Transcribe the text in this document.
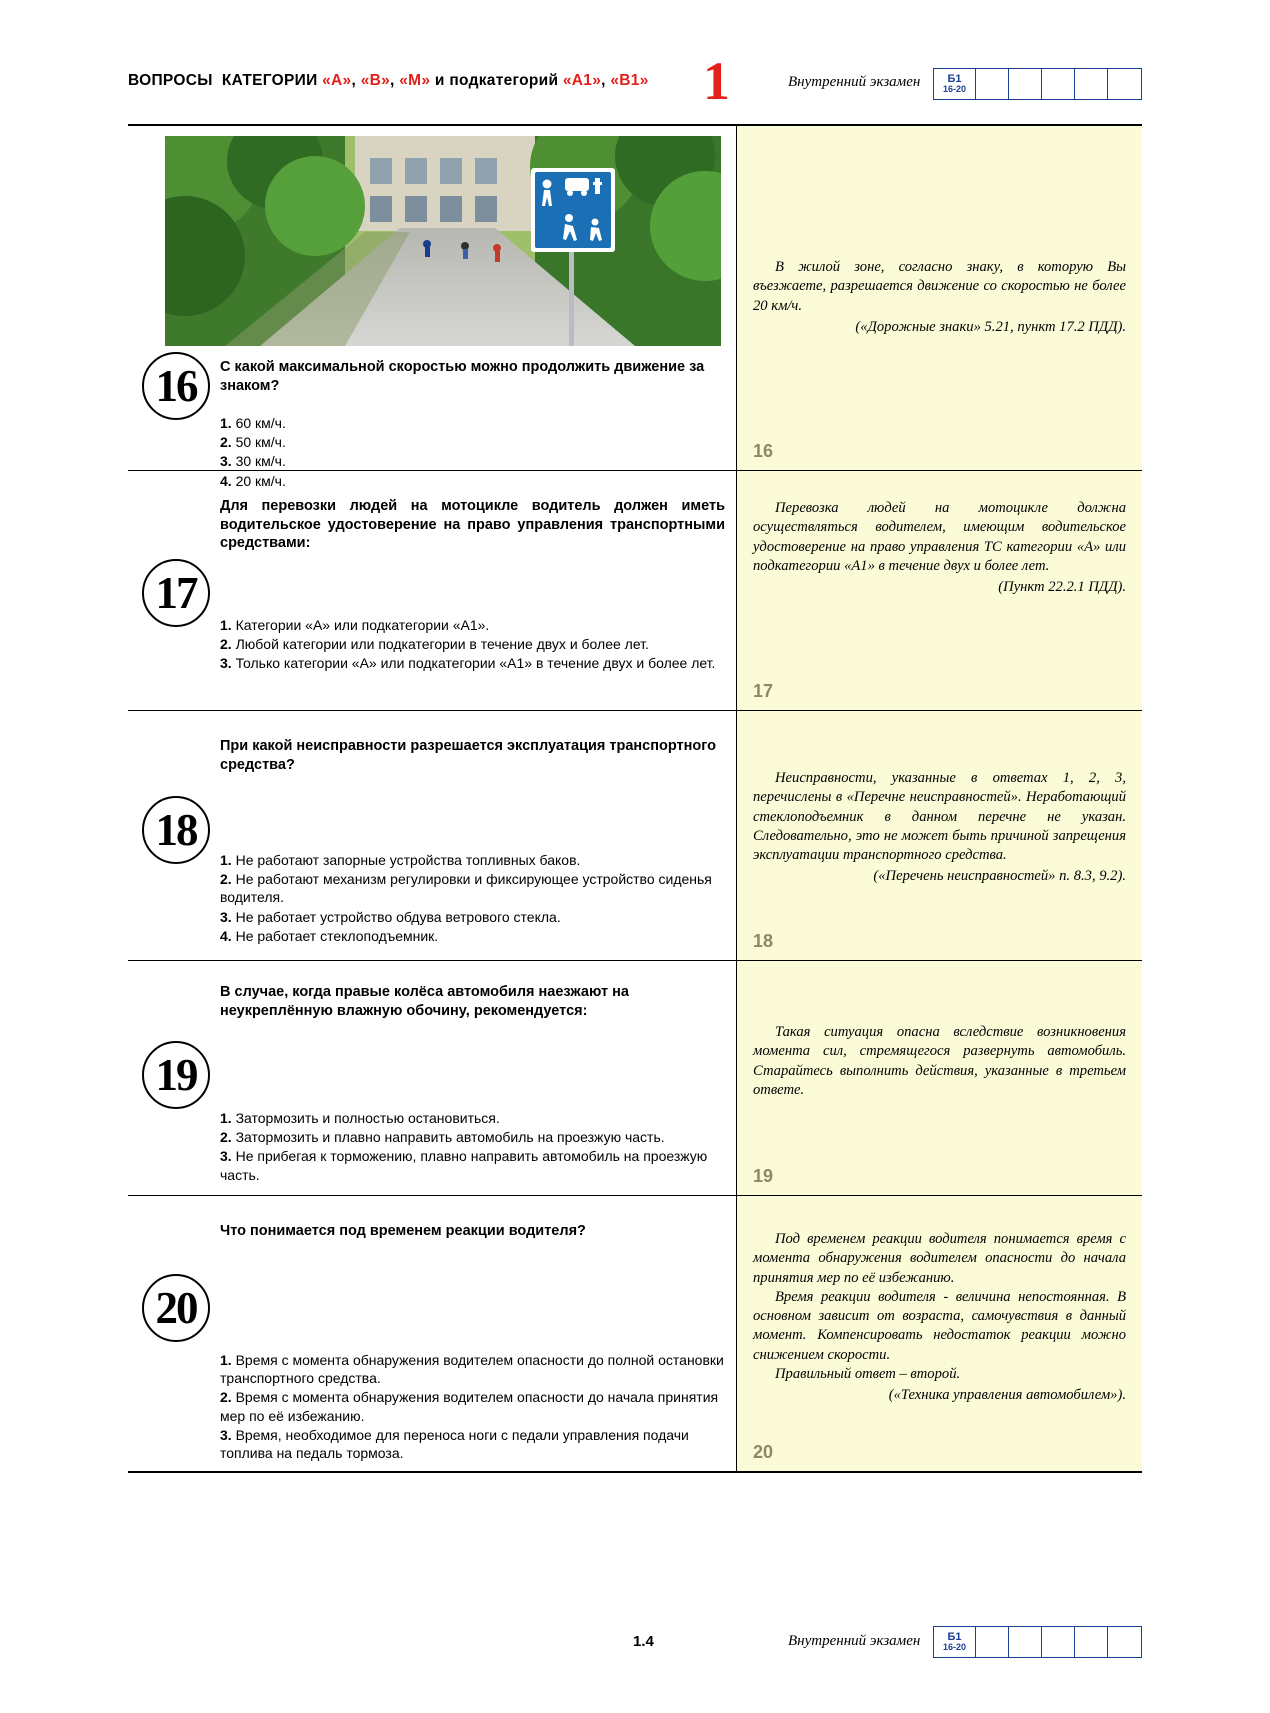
ВОПРОСЫ  КАТЕГОРИИ «A», «B», «M» и подкатегорий «A1», «B1» 1	Внутренний экзамен Б1
16-20
16	С какой максимальной скоростью можно продолжить движение за знаком?
1. 60 км/ч.
2. 50 км/ч.
3. 30 км/ч.
4. 20 км/ч.

В жилой зоне, согласно знаку, в которую Вы въезжаете, разрешается движение со скоростью не более 20 км/ч.

(«Дорожные знаки» 5.21, пункт 17.2 ПДД).

16
17
Для перевозки людей на мотоцикле водитель должен иметь водительское удостоверение на право управления транспортными средствами:
1. Категории «A» или подкатегории «A1».
2. Любой категории или подкатегории в течение двух и более лет.
3. Только категории «A» или подкатегории «A1» в течение двух и более лет.

Перевозка людей на мотоцикле должна осуществляться водителем, имеющим водительское удостоверение на право управления ТС категории «A» или подкатегории «A1» в течение двух и более лет.

(Пункт 22.2.1 ПДД).

17
18
При какой неисправности разрешается эксплуатация транспортного средства?
1. Не работают запорные устройства топливных баков.
2. Не работают механизм регулировки и фиксирующее устройство сиденья водителя.
3. Не работает устройство обдува ветрового стекла.
4. Не работает стеклоподъемник.

Неисправности, указанные в ответах 1, 2, 3, перечислены в «Перечне неисправностей». Неработающий стеклоподъемник в данном перечне не указан. Следовательно, это не может быть причиной запрещения эксплуатации транспортного средства.

(«Перечень неисправностей» п. 8.3, 9.2).

18
19
В случае, когда правые колёса автомобиля наезжают на неукреплённую влажную обочину, рекомендуется:
1. Затормозить и полностью остановиться.
2. Затормозить и плавно направить автомобиль на проезжую часть.
3. Не прибегая к торможению, плавно направить автомобиль на проезжую часть.

Такая ситуация опасна вследствие возникновения момента сил, стремящегося развернуть автомобиль. Старайтесь выполнить действия, указанные в третьем ответе.

19
20
Что понимается под временем реакции водителя?
1. Время с момента обнаружения водителем опасности до полной остановки транспортного средства.
2. Время с момента обнаружения водителем опасности до начала принятия мер по её избежанию.
3. Время, необходимое для переноса ноги с педали управления подачи топлива на педаль тормоза.

Под временем реакции водителя понимается время с момента обнаружения водителем опасности до начала принятия мер по её избежанию.

Время реакции водителя - величина непостоянная. В основном зависит от возраста, самочувствия в данный момент. Компенсировать недостаток реакции можно снижением скорости.

Правильный ответ – второй.

(«Техника управления автомобилем»).

20
1.4	Внутренний экзамен Б1
16-20
